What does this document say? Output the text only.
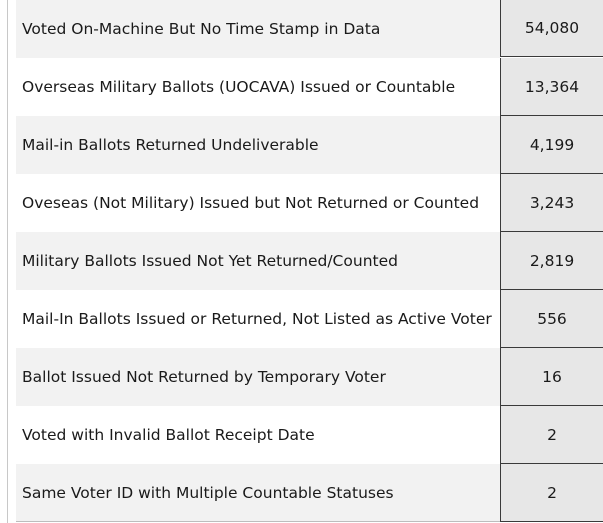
Voted On-Machine But No Time Stamp in Data	54,080
Overseas Military Ballots (UOCAVA) Issued or Countable	13,364
Mail-in Ballots Returned Undeliverable	4,199
Oveseas (Not Military) Issued but Not Returned or Counted	3,243
Military Ballots Issued Not Yet Returned/Counted	2,819
Mail-In Ballots Issued or Returned, Not Listed as Active Voter	556
Ballot Issued Not Returned by Temporary Voter	16
Voted with Invalid Ballot Receipt Date	2
Same Voter ID with Multiple Countable Statuses	2
